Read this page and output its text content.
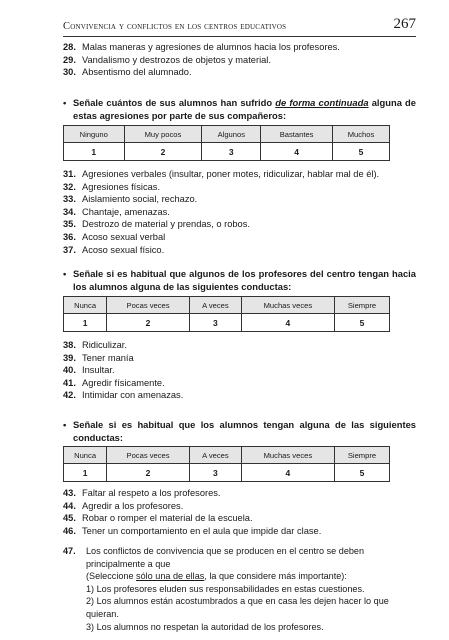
Convivencia y conflictos en los centros educativos	267
28. Malas maneras y agresiones de alumnos hacia los profesores.
29. Vandalismo y destrozos de objetos y material.
30. Absentismo del alumnado.
• Señale cuántos de sus alumnos han sufrido de forma continuada alguna de estas agresiones por parte de sus compañeros:
Ninguno	Muy pocos	Algunos	Bastantes	Muchos
1	2	3	4	5
31. Agresiones verbales (insultar, poner motes, ridiculizar, hablar mal de él).
32. Agresiones físicas.
33. Aislamiento social, rechazo.
34. Chantaje, amenazas.
35. Destrozo de material y prendas, o robos.
36. Acoso sexual verbal
37. Acoso sexual físico.
• Señale si es habitual que algunos de los profesores del centro tengan hacia los alumnos alguna de las siguientes conductas:
Nunca	Pocas veces	A veces	Muchas veces	Siempre
1	2	3	4	5
38. Ridiculizar.
39. Tener manía
40. Insultar.
41. Agredir físicamente.
42. Intimidar con amenazas.
• Señale si es habitual que los alumnos tengan alguna de las siguientes conductas:
Nunca	Pocas veces	A veces	Muchas veces	Siempre
1	2	3	4	5
43. Faltar al respeto a los profesores.
44. Agredir a los profesores.
45. Robar o romper el material de la escuela.
46. Tener un comportamiento en el aula que impide dar clase.
47. Los conflictos de convivencia que se producen en el centro se deben principalmente a que
(Seleccione sólo una de ellas, la que considere más importante):
1) Los profesores eluden sus responsabilidades en estas cuestiones.
2) Los alumnos están acostumbrados a que en casa les dejen hacer lo que quieran.
3) Los alumnos no respetan la autoridad de los profesores.
